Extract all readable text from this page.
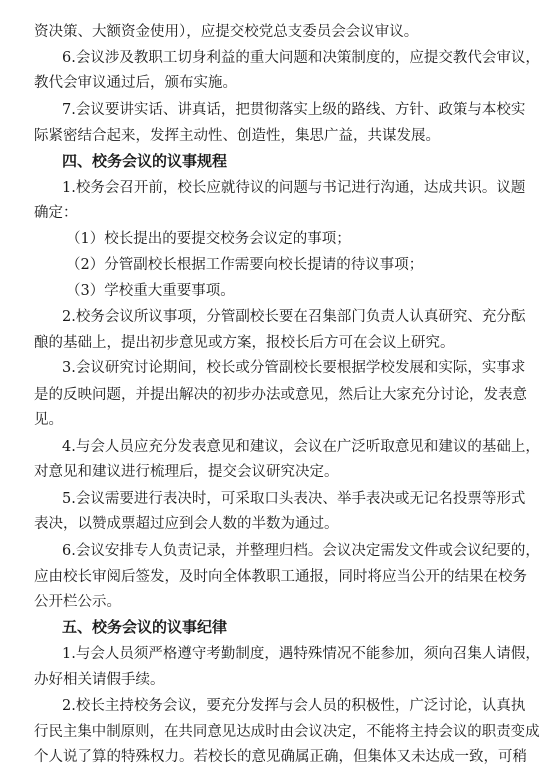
资决策、大额资金使用），应提交校党总支委员会会议审议。
6.会议涉及教职工切身利益的重大问题和决策制度的，应提交教代会审议，
教代会审议通过后，颁布实施。
7.会议要讲实话、讲真话，把贯彻落实上级的路线、方针、政策与本校实
际紧密结合起来，发挥主动性、创造性，集思广益，共谋发展。
四、校务会议的议事规程
1.校务会召开前，校长应就待议的问题与书记进行沟通，达成共识。议题
确定：
（1）校长提出的要提交校务会议定的事项；
（2）分管副校长根据工作需要向校长提请的待议事项；
（3）学校重大重要事项。
2.校务会议所议事项，分管副校长要在召集部门负责人认真研究、充分酝
酿的基础上，提出初步意见或方案，报校长后方可在会议上研究。
3.会议研究讨论期间，校长或分管副校长要根据学校发展和实际，实事求
是的反映问题，并提出解决的初步办法或意见，然后让大家充分讨论，发表意
见。
4.与会人员应充分发表意见和建议，会议在广泛听取意见和建议的基础上，
对意见和建议进行梳理后，提交会议研究决定。
5.会议需要进行表决时，可采取口头表决、举手表决或无记名投票等形式
表决，以赞成票超过应到会人数的半数为通过。
6.会议安排专人负责记录，并整理归档。会议决定需发文件或会议纪要的，
应由校长审阅后签发，及时向全体教职工通报，同时将应当公开的结果在校务
公开栏公示。
五、校务会议的议事纪律
1.与会人员须严格遵守考勤制度，遇特殊情况不能参加，须向召集人请假，
办好相关请假手续。
2.校长主持校务会议，要充分发挥与会人员的积极性，广泛讨论，认真执
行民主集中制原则，在共同意见达成时由会议决定，不能将主持会议的职责变成
个人说了算的特殊权力。若校长的意见确属正确，但集体又未达成一致，可稍
